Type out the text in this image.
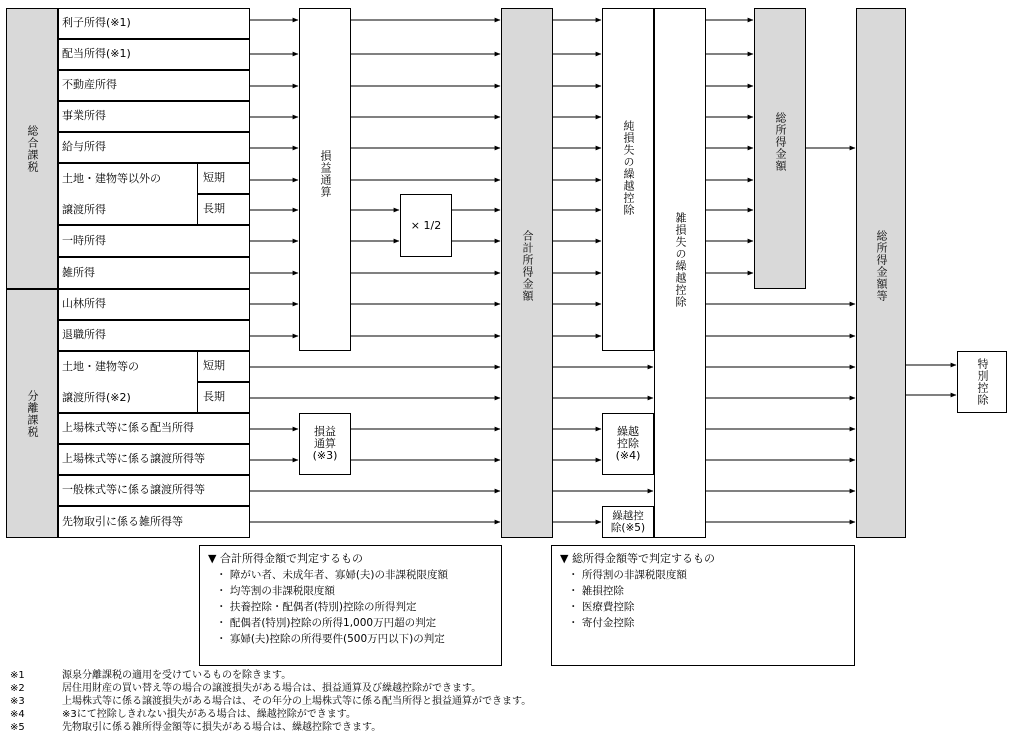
総合課税
分離課税
利子所得(※1)
配当所得(※1)
不動産所得
事業所得
給与所得
土地・建物等以外の
譲渡所得
短期
長期
一時所得
雑所得
山林所得
退職所得
土地・建物等の
譲渡所得(※2)
短期
長期
上場株式等に係る配当所得
上場株式等に係る譲渡所得等
一般株式等に係る譲渡所得等
先物取引に係る雑所得等
損益通算
× 1/2
損益
通算
(※3)
合計所得金額
純損失の繰越控除
雑損失の繰越控除
繰越
控除
(※4)
繰越控
除(※5)
総所得金額
総所得金額等
特別控除
▼ 合計所得金額で判定するもの
・ 障がい者、未成年者、寡婦(夫)の非課税限度額
・ 均等割の非課税限度額
・ 扶養控除・配偶者(特別)控除の所得判定
・ 配偶者(特別)控除の所得1,000万円超の判定
・ 寡婦(夫)控除の所得要件(500万円以下)の判定
▼ 総所得金額等で判定するもの
・ 所得割の非課税限度額
・ 雑損控除
・ 医療費控除
・ 寄付金控除
※1	源泉分離課税の適用を受けているものを除きます。
※2	居住用財産の買い替え等の場合の譲渡損失がある場合は、損益通算及び繰越控除ができます。
※3	上場株式等に係る譲渡損失がある場合は、その年分の上場株式等に係る配当所得と損益通算ができます。
※4	※3にて控除しきれない損失がある場合は、繰越控除ができます。
※5	先物取引に係る雑所得金額等に損失がある場合は、繰越控除できます。
